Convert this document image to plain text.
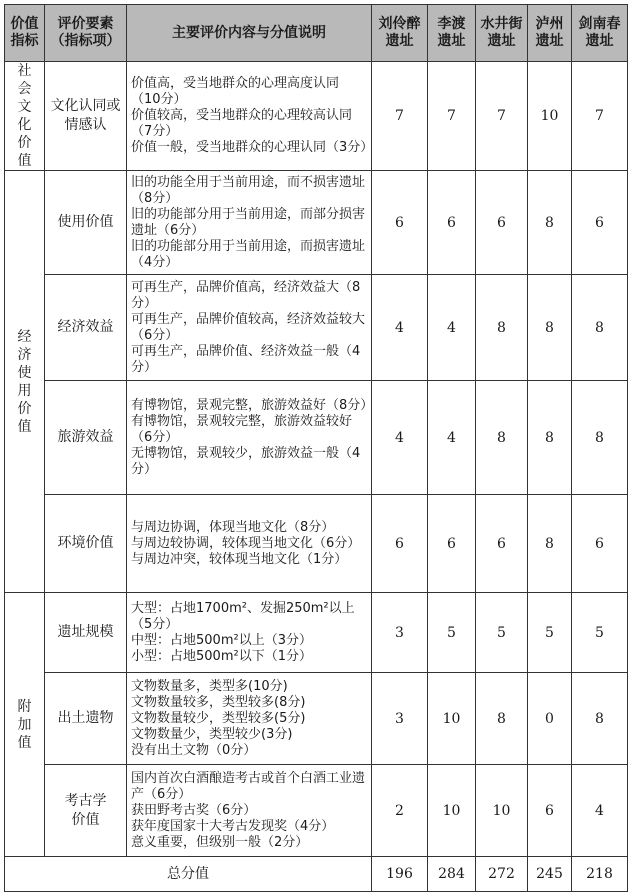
价值指标	评价要素（指标项）	主要评价内容与分值说明	刘伶醉遗址	李渡遗址	水井街遗址	泸州遗址	剑南春遗址
社会文化价值	文化认同或情感认	价值高，受当地群众的心理高度认同（10分）

价值较高，受当地群众的心理较高认同（7分）

价值一般，受当地群众的心理认同（3分）	7	7	7	10	7
经济使用价值	使用价值	旧的功能全用于当前用途，而不损害遗址（8分）

旧的功能部分用于当前用途，而部分损害遗址（6分）

旧的功能部分用于当前用途，而损害遗址（4分）	6	6	6	8	6
	经济效益	可再生产，品牌价值高，经济效益大（8分）

可再生产，品牌价值较高，经济效益较大（6分）

可再生产，品牌价值、经济效益一般（4分）	4	4	8	8	8
	旅游效益	有博物馆，景观完整，旅游效益好（8分）

有博物馆，景观较完整，旅游效益较好（6分）

无博物馆，景观较少，旅游效益一般（4分）	4	4	8	8	8
	环境价值	与周边协调，体现当地文化（8分）

与周边较协调，较体现当地文化（6分）

与周边冲突，较体现当地文化（1分）	6	6	6	8	6
附加值	遗址规模	大型：占地1700m²、发掘250m²以上（5分）

中型：占地500m²以上（3分）

小型：占地500m²以下（1分）	3	5	5	5	5
	出土遗物	文物数量多，类型多(10分)

文物数量较多，类型较多(8分)

文物数量较少，类型较多(5分)

文物数量少，类型较少(3分)

没有出土文物（0分）	3	10	8	0	8
	考古学价值	国内首次白酒酿造考古或首个白酒工业遗产（6分）

获田野考古奖（6分）

获年度国家十大考古发现奖（4分）

意义重要，但级别一般（2分）	2	10	10	6	4
总分值			196	284	272	245	218
